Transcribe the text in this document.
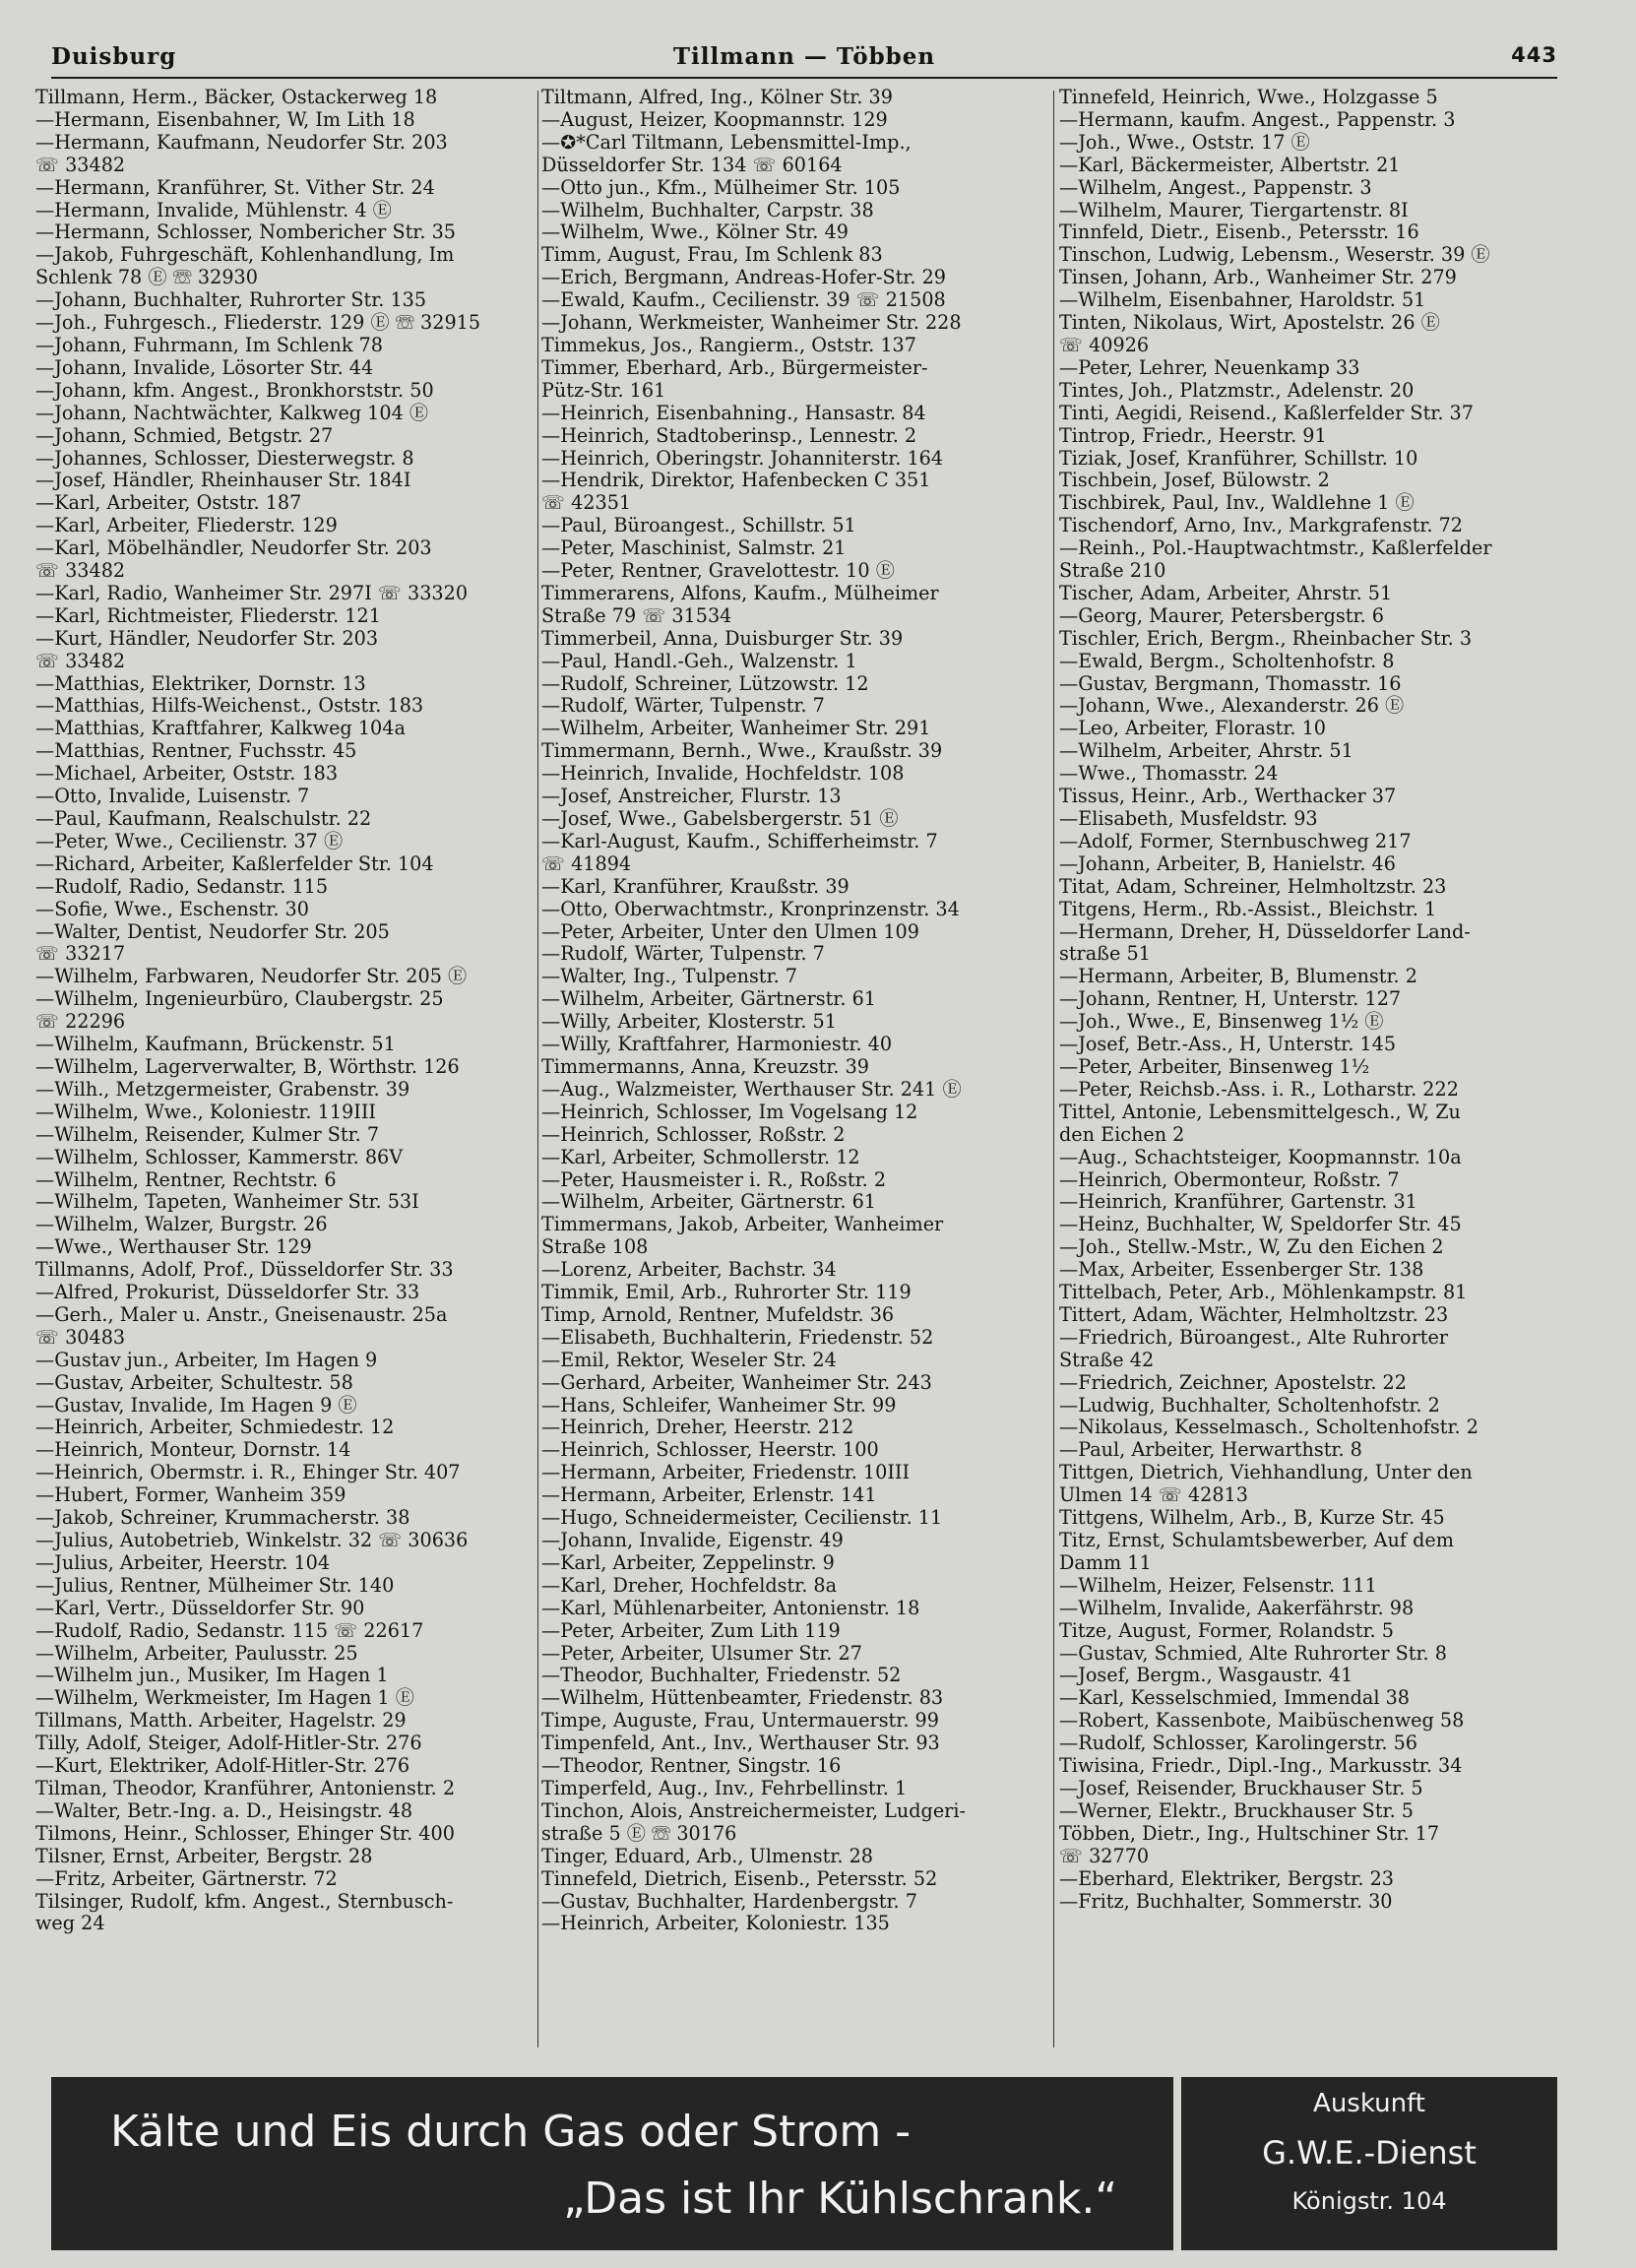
Duisburg	Tillmann — Többen	443
Tillmann, Herm., Bäcker, Ostackerweg 18
—Hermann, Eisenbahner, W, Im Lith 18
—Hermann, Kaufmann, Neudorfer Str. 203
☏ 33482
—Hermann, Kranführer, St. Vither Str. 24
—Hermann, Invalide, Mühlenstr. 4 Ⓔ
—Hermann, Schlosser, Nombericher Str. 35
—Jakob, Fuhrgeschäft, Kohlenhandlung, Im
Schlenk 78 Ⓔ ☏ 32930
—Johann, Buchhalter, Ruhrorter Str. 135
—Joh., Fuhrgesch., Fliederstr. 129 Ⓔ ☏ 32915
—Johann, Fuhrmann, Im Schlenk 78
—Johann, Invalide, Lösorter Str. 44
—Johann, kfm. Angest., Bronkhorststr. 50
—Johann, Nachtwächter, Kalkweg 104 Ⓔ
—Johann, Schmied, Betgstr. 27
—Johannes, Schlosser, Diesterwegstr. 8
—Josef, Händler, Rheinhauser Str. 184I
—Karl, Arbeiter, Oststr. 187
—Karl, Arbeiter, Fliederstr. 129
—Karl, Möbelhändler, Neudorfer Str. 203
☏ 33482
—Karl, Radio, Wanheimer Str. 297I ☏ 33320
—Karl, Richtmeister, Fliederstr. 121
—Kurt, Händler, Neudorfer Str. 203
☏ 33482
—Matthias, Elektriker, Dornstr. 13
—Matthias, Hilfs-Weichenst., Oststr. 183
—Matthias, Kraftfahrer, Kalkweg 104a
—Matthias, Rentner, Fuchsstr. 45
—Michael, Arbeiter, Oststr. 183
—Otto, Invalide, Luisenstr. 7
—Paul, Kaufmann, Realschulstr. 22
—Peter, Wwe., Cecilienstr. 37 Ⓔ
—Richard, Arbeiter, Kaßlerfelder Str. 104
—Rudolf, Radio, Sedanstr. 115
—Sofie, Wwe., Eschenstr. 30
—Walter, Dentist, Neudorfer Str. 205
☏ 33217
—Wilhelm, Farbwaren, Neudorfer Str. 205 Ⓔ
—Wilhelm, Ingenieurbüro, Claubergstr. 25
☏ 22296
—Wilhelm, Kaufmann, Brückenstr. 51
—Wilhelm, Lagerverwalter, B, Wörthstr. 126
—Wilh., Metzgermeister, Grabenstr. 39
—Wilhelm, Wwe., Koloniestr. 119III
—Wilhelm, Reisender, Kulmer Str. 7
—Wilhelm, Schlosser, Kammerstr. 86V
—Wilhelm, Rentner, Rechtstr. 6
—Wilhelm, Tapeten, Wanheimer Str. 53I
—Wilhelm, Walzer, Burgstr. 26
—Wwe., Werthauser Str. 129
Tillmanns, Adolf, Prof., Düsseldorfer Str. 33
—Alfred, Prokurist, Düsseldorfer Str. 33
—Gerh., Maler u. Anstr., Gneisenaustr. 25a
☏ 30483
—Gustav jun., Arbeiter, Im Hagen 9
—Gustav, Arbeiter, Schultestr. 58
—Gustav, Invalide, Im Hagen 9 Ⓔ
—Heinrich, Arbeiter, Schmiedestr. 12
—Heinrich, Monteur, Dornstr. 14
—Heinrich, Obermstr. i. R., Ehinger Str. 407
—Hubert, Former, Wanheim 359
—Jakob, Schreiner, Krummacherstr. 38
—Julius, Autobetrieb, Winkelstr. 32 ☏ 30636
—Julius, Arbeiter, Heerstr. 104
—Julius, Rentner, Mülheimer Str. 140
—Karl, Vertr., Düsseldorfer Str. 90
—Rudolf, Radio, Sedanstr. 115 ☏ 22617
—Wilhelm, Arbeiter, Paulusstr. 25
—Wilhelm jun., Musiker, Im Hagen 1
—Wilhelm, Werkmeister, Im Hagen 1 Ⓔ
Tillmans, Matth. Arbeiter, Hagelstr. 29
Tilly, Adolf, Steiger, Adolf-Hitler-Str. 276
—Kurt, Elektriker, Adolf-Hitler-Str. 276
Tilman, Theodor, Kranführer, Antonienstr. 2
—Walter, Betr.-Ing. a. D., Heisingstr. 48
Tilmons, Heinr., Schlosser, Ehinger Str. 400
Tilsner, Ernst, Arbeiter, Bergstr. 28
—Fritz, Arbeiter, Gärtnerstr. 72
Tilsinger, Rudolf, kfm. Angest., Sternbusch-
weg 24
Tiltmann, Alfred, Ing., Kölner Str. 39
—August, Heizer, Koopmannstr. 129
—✪*Carl Tiltmann, Lebensmittel-Imp.,
Düsseldorfer Str. 134 ☏ 60164
—Otto jun., Kfm., Mülheimer Str. 105
—Wilhelm, Buchhalter, Carpstr. 38
—Wilhelm, Wwe., Kölner Str. 49
Timm, August, Frau, Im Schlenk 83
—Erich, Bergmann, Andreas-Hofer-Str. 29
—Ewald, Kaufm., Cecilienstr. 39 ☏ 21508
—Johann, Werkmeister, Wanheimer Str. 228
Timmekus, Jos., Rangierm., Oststr. 137
Timmer, Eberhard, Arb., Bürgermeister-
Pütz-Str. 161
—Heinrich, Eisenbahning., Hansastr. 84
—Heinrich, Stadtoberinsp., Lennestr. 2
—Heinrich, Oberingstr. Johanniterstr. 164
—Hendrik, Direktor, Hafenbecken C 351
☏ 42351
—Paul, Büroangest., Schillstr. 51
—Peter, Maschinist, Salmstr. 21
—Peter, Rentner, Gravelottestr. 10 Ⓔ
Timmerarens, Alfons, Kaufm., Mülheimer
Straße 79 ☏ 31534
Timmerbeil, Anna, Duisburger Str. 39
—Paul, Handl.-Geh., Walzenstr. 1
—Rudolf, Schreiner, Lützowstr. 12
—Rudolf, Wärter, Tulpenstr. 7
—Wilhelm, Arbeiter, Wanheimer Str. 291
Timmermann, Bernh., Wwe., Kraußstr. 39
—Heinrich, Invalide, Hochfeldstr. 108
—Josef, Anstreicher, Flurstr. 13
—Josef, Wwe., Gabelsbergerstr. 51 Ⓔ
—Karl-August, Kaufm., Schifferheimstr. 7
☏ 41894
—Karl, Kranführer, Kraußstr. 39
—Otto, Oberwachtmstr., Kronprinzenstr. 34
—Peter, Arbeiter, Unter den Ulmen 109
—Rudolf, Wärter, Tulpenstr. 7
—Walter, Ing., Tulpenstr. 7
—Wilhelm, Arbeiter, Gärtnerstr. 61
—Willy, Arbeiter, Klosterstr. 51
—Willy, Kraftfahrer, Harmoniestr. 40
Timmermanns, Anna, Kreuzstr. 39
—Aug., Walzmeister, Werthauser Str. 241 Ⓔ
—Heinrich, Schlosser, Im Vogelsang 12
—Heinrich, Schlosser, Roßstr. 2
—Karl, Arbeiter, Schmollerstr. 12
—Peter, Hausmeister i. R., Roßstr. 2
—Wilhelm, Arbeiter, Gärtnerstr. 61
Timmermans, Jakob, Arbeiter, Wanheimer
Straße 108
—Lorenz, Arbeiter, Bachstr. 34
Timmik, Emil, Arb., Ruhrorter Str. 119
Timp, Arnold, Rentner, Mufeldstr. 36
—Elisabeth, Buchhalterin, Friedenstr. 52
—Emil, Rektor, Weseler Str. 24
—Gerhard, Arbeiter, Wanheimer Str. 243
—Hans, Schleifer, Wanheimer Str. 99
—Heinrich, Dreher, Heerstr. 212
—Heinrich, Schlosser, Heerstr. 100
—Hermann, Arbeiter, Friedenstr. 10III
—Hermann, Arbeiter, Erlenstr. 141
—Hugo, Schneidermeister, Cecilienstr. 11
—Johann, Invalide, Eigenstr. 49
—Karl, Arbeiter, Zeppelinstr. 9
—Karl, Dreher, Hochfeldstr. 8a
—Karl, Mühlenarbeiter, Antonienstr. 18
—Peter, Arbeiter, Zum Lith 119
—Peter, Arbeiter, Ulsumer Str. 27
—Theodor, Buchhalter, Friedenstr. 52
—Wilhelm, Hüttenbeamter, Friedenstr. 83
Timpe, Auguste, Frau, Untermauerstr. 99
Timpenfeld, Ant., Inv., Werthauser Str. 93
—Theodor, Rentner, Singstr. 16
Timperfeld, Aug., Inv., Fehrbellinstr. 1
Tinchon, Alois, Anstreichermeister, Ludgeri-
straße 5 Ⓔ ☏ 30176
Tinger, Eduard, Arb., Ulmenstr. 28
Tinnefeld, Dietrich, Eisenb., Petersstr. 52
—Gustav, Buchhalter, Hardenbergstr. 7
—Heinrich, Arbeiter, Koloniestr. 135
Tinnefeld, Heinrich, Wwe., Holzgasse 5
—Hermann, kaufm. Angest., Pappenstr. 3
—Joh., Wwe., Oststr. 17 Ⓔ
—Karl, Bäckermeister, Albertstr. 21
—Wilhelm, Angest., Pappenstr. 3
—Wilhelm, Maurer, Tiergartenstr. 8I
Tinnfeld, Dietr., Eisenb., Petersstr. 16
Tinschon, Ludwig, Lebensm., Weserstr. 39 Ⓔ
Tinsen, Johann, Arb., Wanheimer Str. 279
—Wilhelm, Eisenbahner, Haroldstr. 51
Tinten, Nikolaus, Wirt, Apostelstr. 26 Ⓔ
☏ 40926
—Peter, Lehrer, Neuenkamp 33
Tintes, Joh., Platzmstr., Adelenstr. 20
Tinti, Aegidi, Reisend., Kaßlerfelder Str. 37
Tintrop, Friedr., Heerstr. 91
Tiziak, Josef, Kranführer, Schillstr. 10
Tischbein, Josef, Bülowstr. 2
Tischbirek, Paul, Inv., Waldlehne 1 Ⓔ
Tischendorf, Arno, Inv., Markgrafenstr. 72
—Reinh., Pol.-Hauptwachtmstr., Kaßlerfelder
Straße 210
Tischer, Adam, Arbeiter, Ahrstr. 51
—Georg, Maurer, Petersbergstr. 6
Tischler, Erich, Bergm., Rheinbacher Str. 3
—Ewald, Bergm., Scholtenhofstr. 8
—Gustav, Bergmann, Thomasstr. 16
—Johann, Wwe., Alexanderstr. 26 Ⓔ
—Leo, Arbeiter, Florastr. 10
—Wilhelm, Arbeiter, Ahrstr. 51
—Wwe., Thomasstr. 24
Tissus, Heinr., Arb., Werthacker 37
—Elisabeth, Musfeldstr. 93
—Adolf, Former, Sternbuschweg 217
—Johann, Arbeiter, B, Hanielstr. 46
Titat, Adam, Schreiner, Helmholtzstr. 23
Titgens, Herm., Rb.-Assist., Bleichstr. 1
—Hermann, Dreher, H, Düsseldorfer Land-
straße 51
—Hermann, Arbeiter, B, Blumenstr. 2
—Johann, Rentner, H, Unterstr. 127
—Joh., Wwe., E, Binsenweg 1½ Ⓔ
—Josef, Betr.-Ass., H, Unterstr. 145
—Peter, Arbeiter, Binsenweg 1½
—Peter, Reichsb.-Ass. i. R., Lotharstr. 222
Tittel, Antonie, Lebensmittelgesch., W, Zu
den Eichen 2
—Aug., Schachtsteiger, Koopmannstr. 10a
—Heinrich, Obermonteur, Roßstr. 7
—Heinrich, Kranführer, Gartenstr. 31
—Heinz, Buchhalter, W, Speldorfer Str. 45
—Joh., Stellw.-Mstr., W, Zu den Eichen 2
—Max, Arbeiter, Essenberger Str. 138
Tittelbach, Peter, Arb., Möhlenkampstr. 81
Tittert, Adam, Wächter, Helmholtzstr. 23
—Friedrich, Büroangest., Alte Ruhrorter
Straße 42
—Friedrich, Zeichner, Apostelstr. 22
—Ludwig, Buchhalter, Scholtenhofstr. 2
—Nikolaus, Kesselmasch., Scholtenhofstr. 2
—Paul, Arbeiter, Herwarthstr. 8
Tittgen, Dietrich, Viehhandlung, Unter den
Ulmen 14 ☏ 42813
Tittgens, Wilhelm, Arb., B, Kurze Str. 45
Titz, Ernst, Schulamtsbewerber, Auf dem
Damm 11
—Wilhelm, Heizer, Felsenstr. 111
—Wilhelm, Invalide, Aakerfährstr. 98
Titze, August, Former, Rolandstr. 5
—Gustav, Schmied, Alte Ruhrorter Str. 8
—Josef, Bergm., Wasgaustr. 41
—Karl, Kesselschmied, Immendal 38
—Robert, Kassenbote, Maibüschenweg 58
—Rudolf, Schlosser, Karolingerstr. 56
Tiwisina, Friedr., Dipl.-Ing., Markusstr. 34
—Josef, Reisender, Bruckhauser Str. 5
—Werner, Elektr., Bruckhauser Str. 5
Többen, Dietr., Ing., Hultschiner Str. 17
☏ 32770
—Eberhard, Elektriker, Bergstr. 23
—Fritz, Buchhalter, Sommerstr. 30
Kälte und Eis durch Gas oder Strom -
„Das ist Ihr Kühlschrank.“
Auskunft
G.W.E.-Dienst
Königstr. 104
